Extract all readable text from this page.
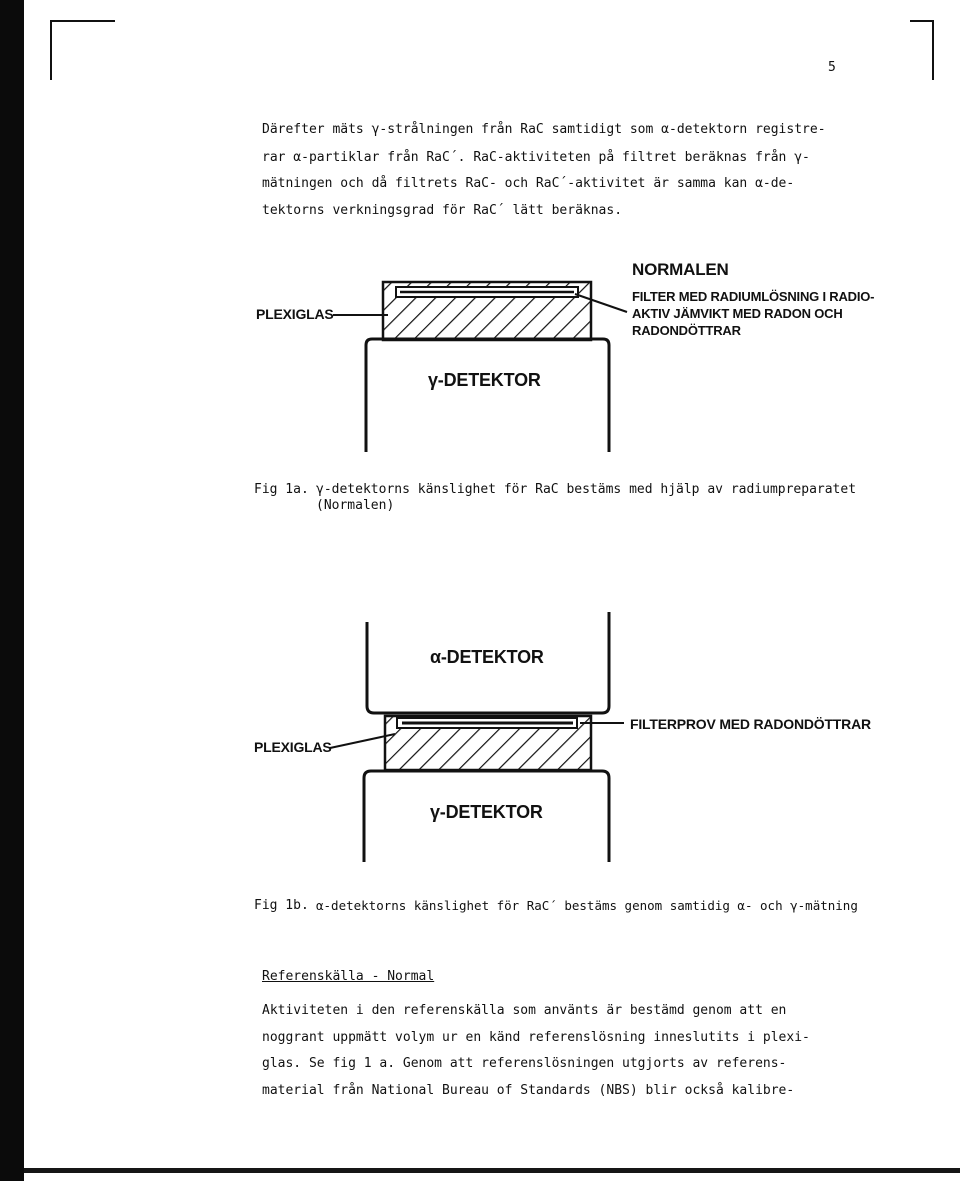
5
Därefter mäts γ-strålningen från RaC samtidigt som α-detektorn registre-
rar α-partiklar från RaC´. RaC-aktiviteten på filtret beräknas från γ-
mätningen och då filtrets RaC- och RaC´-aktivitet är samma kan α-de-
tektorns verkningsgrad för RaC´ lätt beräknas.
NORMALEN
FILTER MED RADIUMLÖSNING I RADIO-
AKTIV JÄMVIKT MED RADON OCH
RADONDÖTTRAR
PLEXIGLAS
γ-DETEKTOR
Fig 1a. γ-detektorns känslighet för RaC bestäms med hjälp av radiumpreparatet
(Normalen)
α-DETEKTOR
FILTERPROV MED RADONDÖTTRAR
PLEXIGLAS
γ-DETEKTOR
Fig 1b. α-detektorns känslighet för RaC´ bestäms genom samtidig α- och γ-mätning
Referenskälla - Normal
Aktiviteten i den referenskälla som använts är bestämd genom att en
noggrant uppmätt volym ur en känd referenslösning inneslutits i plexi-
glas. Se fig 1 a. Genom att referenslösningen utgjorts av referens-
material från National Bureau of Standards (NBS) blir också kalibre-
